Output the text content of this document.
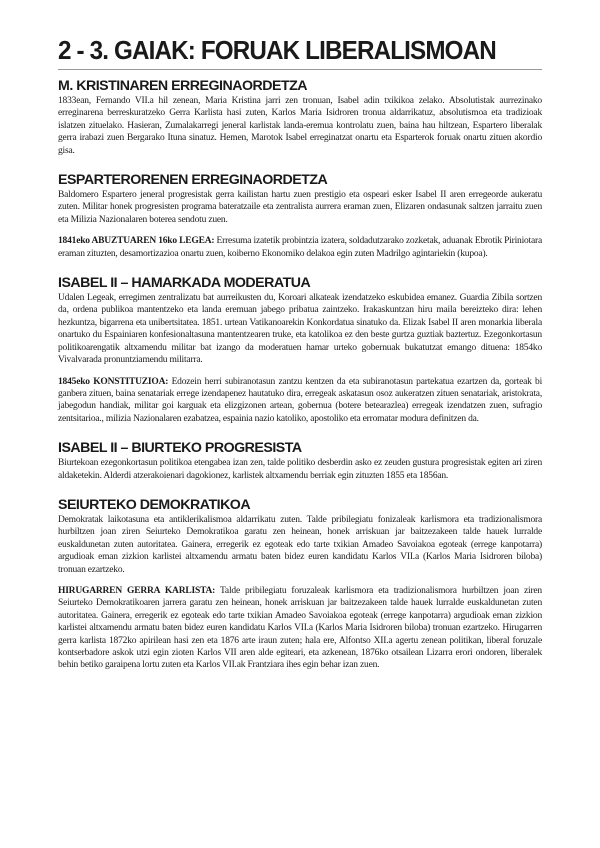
2 - 3. GAIAK: FORUAK LIBERALISMOAN
M. KRISTINAREN ERREGINAORDETZA

1833ean, Fernando VII.a hil zenean, Maria Kristina jarri zen tronuan, Isabel adin txikikoa zelako. Absolutistak aurrezinako erreginarena berreskuratzeko Gerra Karlista hasi zuten, Karlos Maria Isidroren tronua aldarrikatuz, absolutismoa eta tradizioak islatzen zituelako. Hasieran, Zumalakarregi jeneral karlistak landa-eremua kontrolatu zuen, baina hau hiltzean, Espartero liberalak gerra irabazi zuen Bergarako Ituna sinatuz. Hemen, Marotok Isabel erreginatzat onartu eta Esparterok foruak onartu zituen akordio gisa.

ESPARTERORENEN ERREGINAORDETZA

Baldomero Espartero jeneral progresistak gerra kailistan hartu zuen prestigio eta ospeari esker Isabel II aren erregeorde aukeratu zuten. Militar honek progresisten programa bateratzaile eta zentralista aurrera eraman zuen, Elizaren ondasunak saltzen jarraitu zuen eta Milizia Nazionalaren boterea sendotu zuen.

1841eko ABUZTUAREN 16ko LEGEA: Erresuma izatetik probintzia izatera, soldadutzarako zozketak, aduanak Ebrotik Piriniotara eraman zituzten, desamortizazioa onartu zuen, koiberno Ekonomiko delakoa egin zuten Madrilgo agintariekin (kupoa).

ISABEL II – HAMARKADA MODERATUA

Udalen Legeak, erregimen zentralizatu bat aurreikusten du, Koroari alkateak izendatzeko eskubidea emanez. Guardia Zibila sortzen da, ordena publikoa mantentzeko eta landa eremuan jabego pribatua zaintzeko. Irakaskuntzan hiru maila bereizteko dira: lehen hezkuntza, bigarrena eta unibertsitatea. 1851. urtean Vatikanoarekin Konkordatua sinatuko da. Elizak Isabel II aren monarkia liberala onartuko du Espainiaren konfesionaltasuna mantentzearen truke, eta katolikoa ez den beste gurtza guztiak baztertuz. Ezegonkortasun politikoarengatik altxamendu militar bat izango da moderatuen hamar urteko gobernuak bukatutzat emango dituena: 1854ko Vivalvarada pronuntziamendu militarra.

1845eko KONSTITUZIOA: Edozein herri subiranotasun zantzu kentzen da eta subiranotasun partekatua ezartzen da, gorteak bi ganbera zituen, baina senatariak errege izendapenez hautatuko dira, erregeak askatasun osoz aukeratzen zituen senatariak, aristokrata, jabegodun handiak, militar goi karguak eta elizgizonen artean, gobernua (botere betearazlea) erregeak izendatzen zuen, sufragio zentsitarioa., milizia Nazionalaren ezabatzea, espainia nazio katoliko, apostoliko eta erromatar modura definitzen da.

ISABEL II – BIURTEKO PROGRESISTA

Biurtekoan ezegonkortasun politikoa etengabea izan zen, talde politiko desberdin asko ez zeuden gustura progresistak egiten ari ziren aldaketekin. Alderdi atzerakoienari dagokionez, karlistek altxamendu berriak egin zituzten 1855 eta 1856an.

SEIURTEKO DEMOKRATIKOA

Demokratak laikotasuna eta antiklerikalismoa aldarrikatu zuten. Talde pribilegiatu fonizaleak karlismora eta tradizionalismora hurbiltzen joan ziren Seiurteko Demokratikoa garatu zen heinean, honek arriskuan jar baitzezakeen talde hauek lurralde euskaldunetan zuten autoritatea. Gainera, erregerik ez egoteak edo tarte txikian Amadeo Savoiakoa egoteak (errege kanpotarra) argudioak eman zizkion karlistei altxamendu armatu baten bidez euren kandidatu Karlos VII.a (Karlos Maria Isidroren biloba) tronuan ezartzeko.

HIRUGARREN GERRA KARLISTA: Talde pribilegiatu foruzaleak karlismora eta tradizionalismora hurbiltzen joan ziren Seiurteko Demokratikoaren jarrera garatu zen heinean, honek arriskuan jar baitzezakeen talde hauek lurralde euskaldunetan zuten autoritatea. Gainera, erregerik ez egoteak edo tarte txikian Amadeo Savoiakoa egoteak (errege kanpotarra) argudioak eman zizkion karlistei altxamendu armatu baten bidez euren kandidatu Karlos VII.a (Karlos Maria Isidroren biloba) tronuan ezartzeko. Hirugarren gerra karlista 1872ko apirilean hasi zen eta 1876 arte iraun zuten; hala ere, Alfontso XII.a agertu zenean politikan, liberal foruzale kontserbadore askok utzi egin zioten Karlos VII aren alde egiteari, eta azkenean, 1876ko otsailean Lizarra erori ondoren, liberalek behin betiko garaipena lortu zuten eta Karlos VII.ak Frantziara ihes egin behar izan zuen.
